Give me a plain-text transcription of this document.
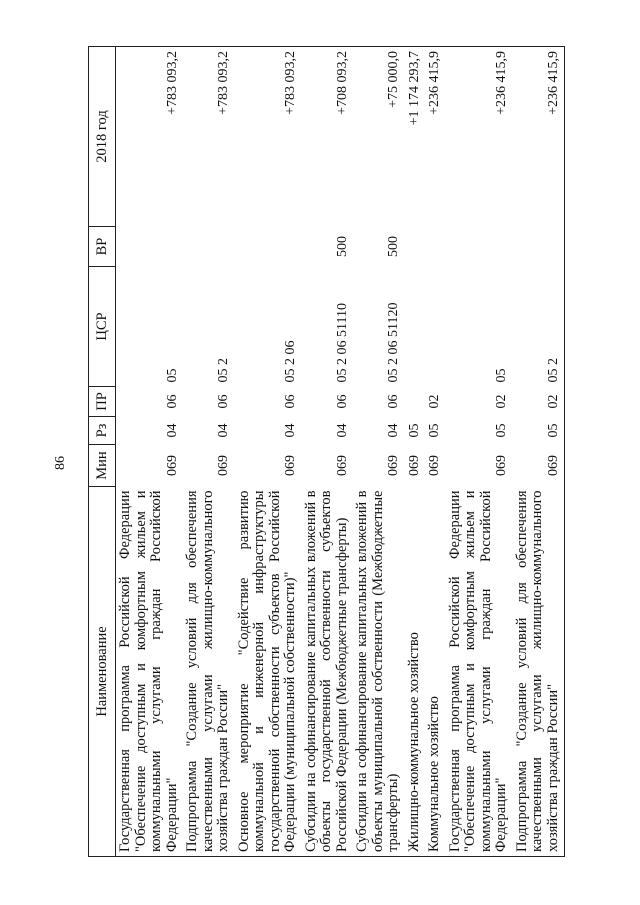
86
Наименование	Мин	Рз	ПР	ЦСР	ВР	2018 год
Государственная программа Российской Федерации "Обеспечение доступным и комфортным жильем и коммунальными услугами граждан Российской Федерации"	069	04	06	05		+783 093,2
Подпрограмма "Создание условий для обеспечения качественными услугами жилищно-коммунального хозяйства граждан России"	069	04	06	05 2		+783 093,2
Основное мероприятие "Содействие развитию коммунальной и инженерной инфраструктуры государственной собственности субъектов Российской Федерации (муниципальной собственности)"	069	04	06	05 2 06		+783 093,2
Субсидии на софинансирование капитальных вложений в объекты государственной собственности субъектов Российской Федерации (Межбюджетные трансферты)	069	04	06	05 2 06 51110	500	+708 093,2
Субсидии на софинансирование капитальных вложений в объекты муниципальной собственности (Межбюджетные трансферты)	069	04	06	05 2 06 51120	500	+75 000,0
Жилищно-коммунальное хозяйство	069	05				+1 174 293,7
Коммунальное хозяйство	069	05	02			+236 415,9
Государственная программа Российской Федерации "Обеспечение доступным и комфортным жильем и коммунальными услугами граждан Российской Федерации"	069	05	02	05		+236 415,9
Подпрограмма "Создание условий для обеспечения качественными услугами жилищно-коммунального хозяйства граждан России"	069	05	02	05 2		+236 415,9
